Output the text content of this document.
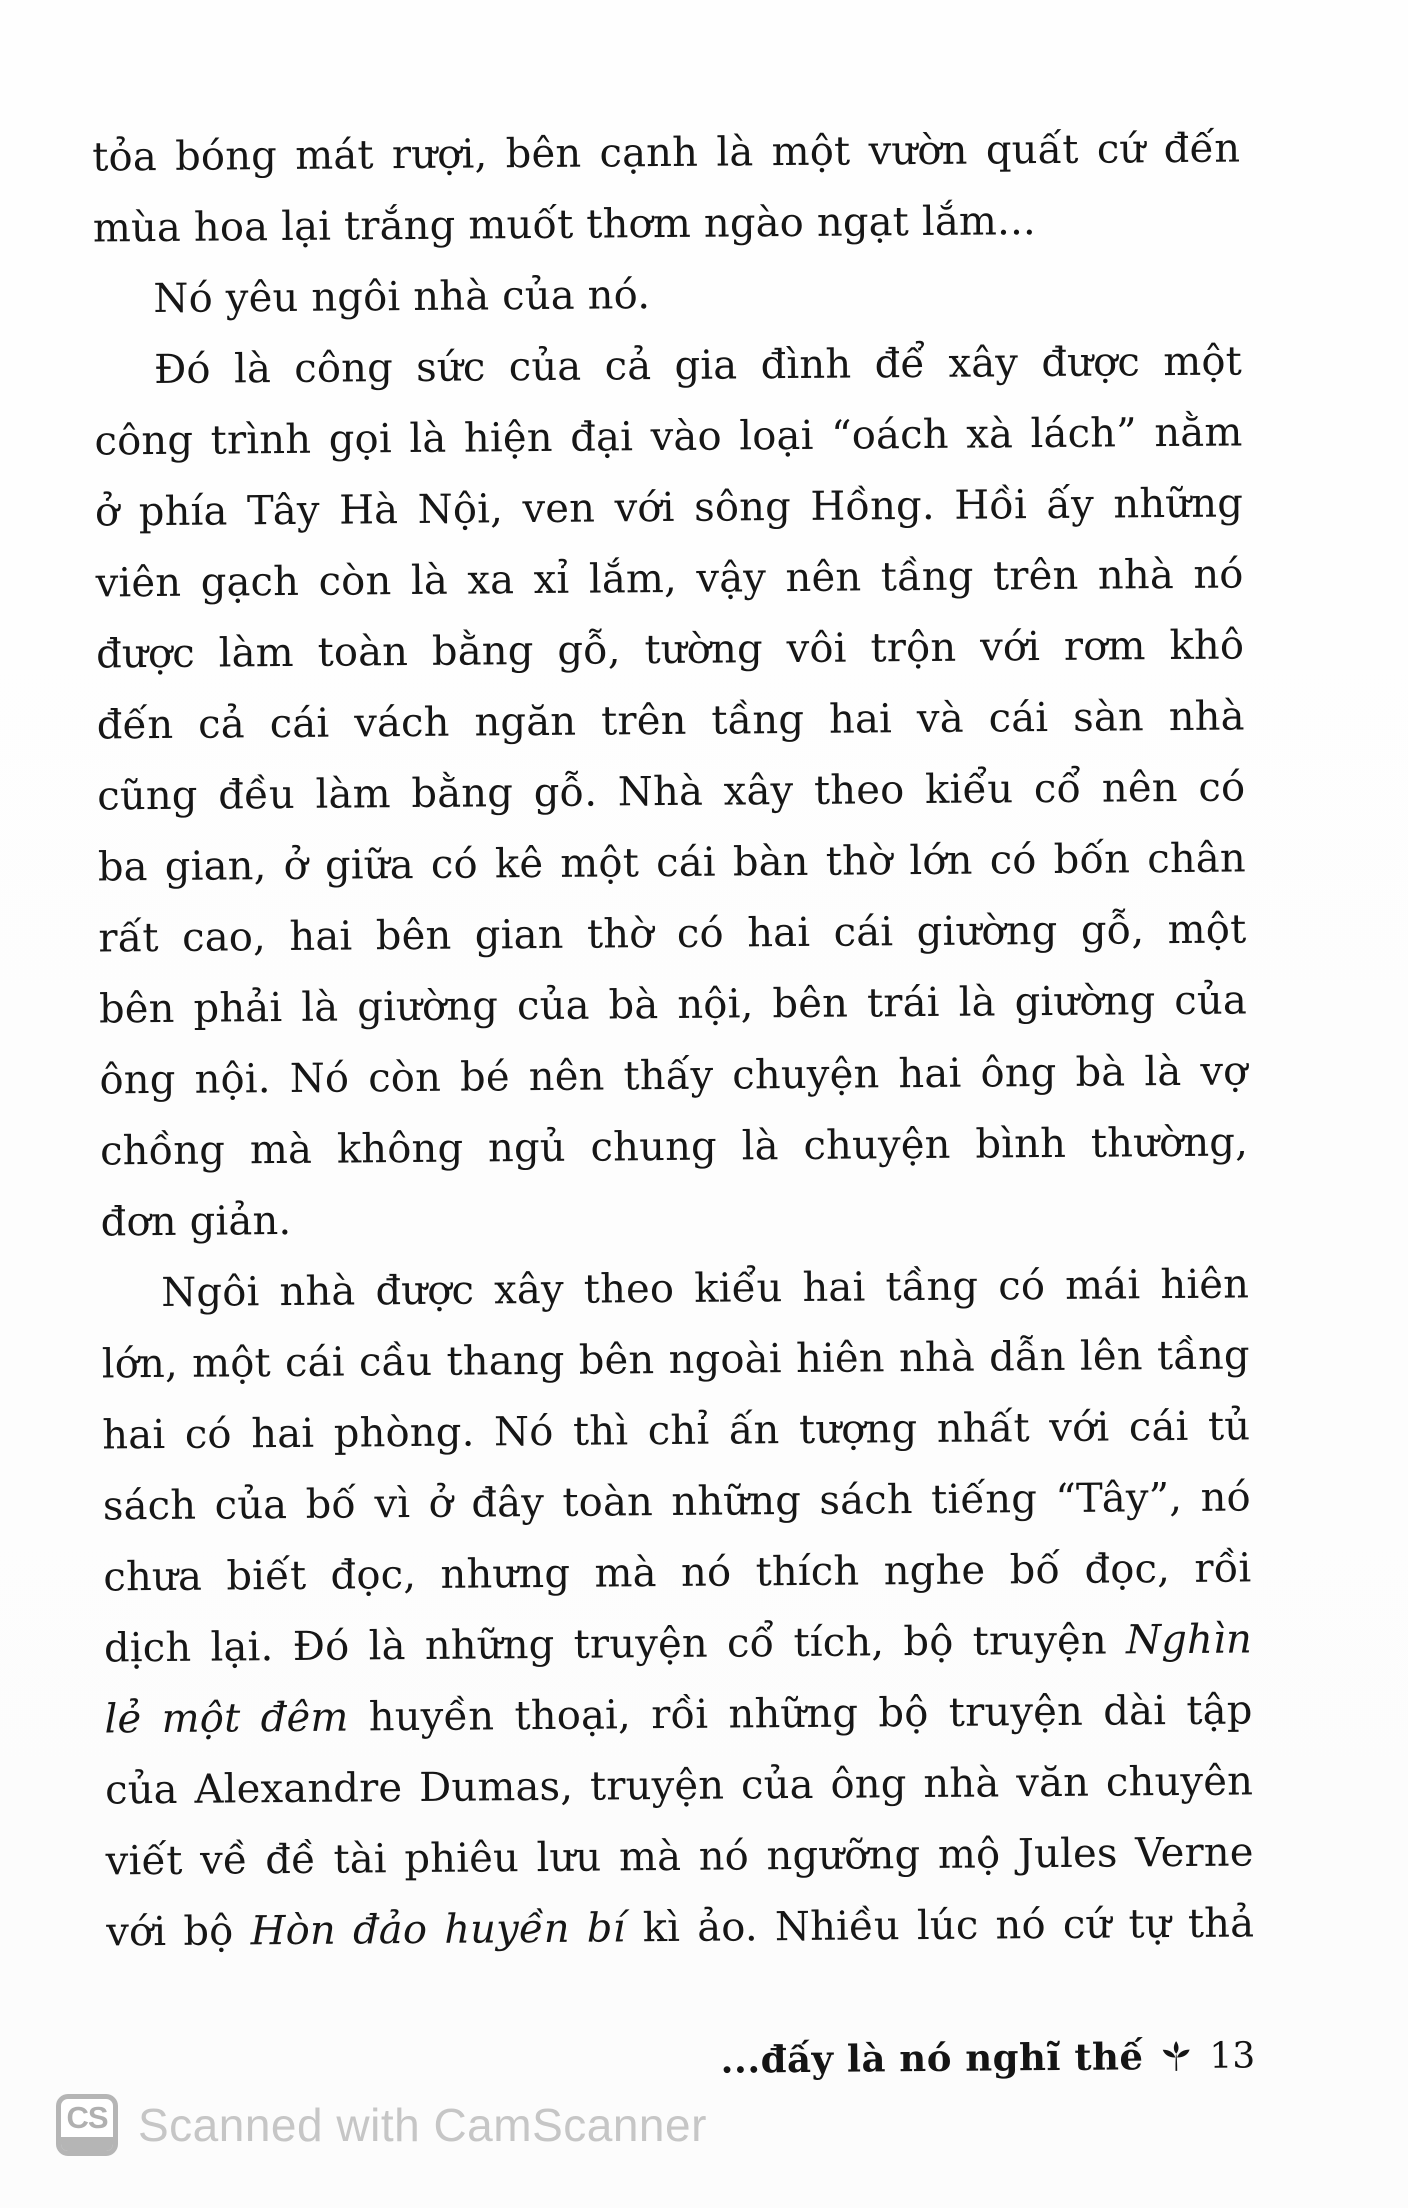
tỏa bóng mát rượi, bên cạnh là một vườn quất cứ đến
mùa hoa lại trắng muốt thơm ngào ngạt lắm...
Nó yêu ngôi nhà của nó.
Đó là công sức của cả gia đình để xây được một
công trình gọi là hiện đại vào loại “oách xà lách” nằm
ở phía Tây Hà Nội, ven với sông Hồng. Hồi ấy những
viên gạch còn là xa xỉ lắm, vậy nên tầng trên nhà nó
được làm toàn bằng gỗ, tường vôi trộn với rơm khô
đến cả cái vách ngăn trên tầng hai và cái sàn nhà
cũng đều làm bằng gỗ. Nhà xây theo kiểu cổ nên có
ba gian, ở giữa có kê một cái bàn thờ lớn có bốn chân
rất cao, hai bên gian thờ có hai cái giường gỗ, một
bên phải là giường của bà nội, bên trái là giường của
ông nội. Nó còn bé nên thấy chuyện hai ông bà là vợ
chồng mà không ngủ chung là chuyện bình thường,
đơn giản.
Ngôi nhà được xây theo kiểu hai tầng có mái hiên
lớn, một cái cầu thang bên ngoài hiên nhà dẫn lên tầng
hai có hai phòng. Nó thì chỉ ấn tượng nhất với cái tủ
sách của bố vì ở đây toàn những sách tiếng “Tây”, nó
chưa biết đọc, nhưng mà nó thích nghe bố đọc, rồi
dịch lại. Đó là những truyện cổ tích, bộ truyện Nghìn
lẻ một đêm huyền thoại, rồi những bộ truyện dài tập
của Alexandre Dumas, truyện của ông nhà văn chuyên
viết về đề tài phiêu lưu mà nó ngưỡng mộ Jules Verne
với bộ Hòn đảo huyền bí kì ảo. Nhiều lúc nó cứ tự thả
...đấy là nó nghĩ thế 13
CS Scanned with CamScanner
